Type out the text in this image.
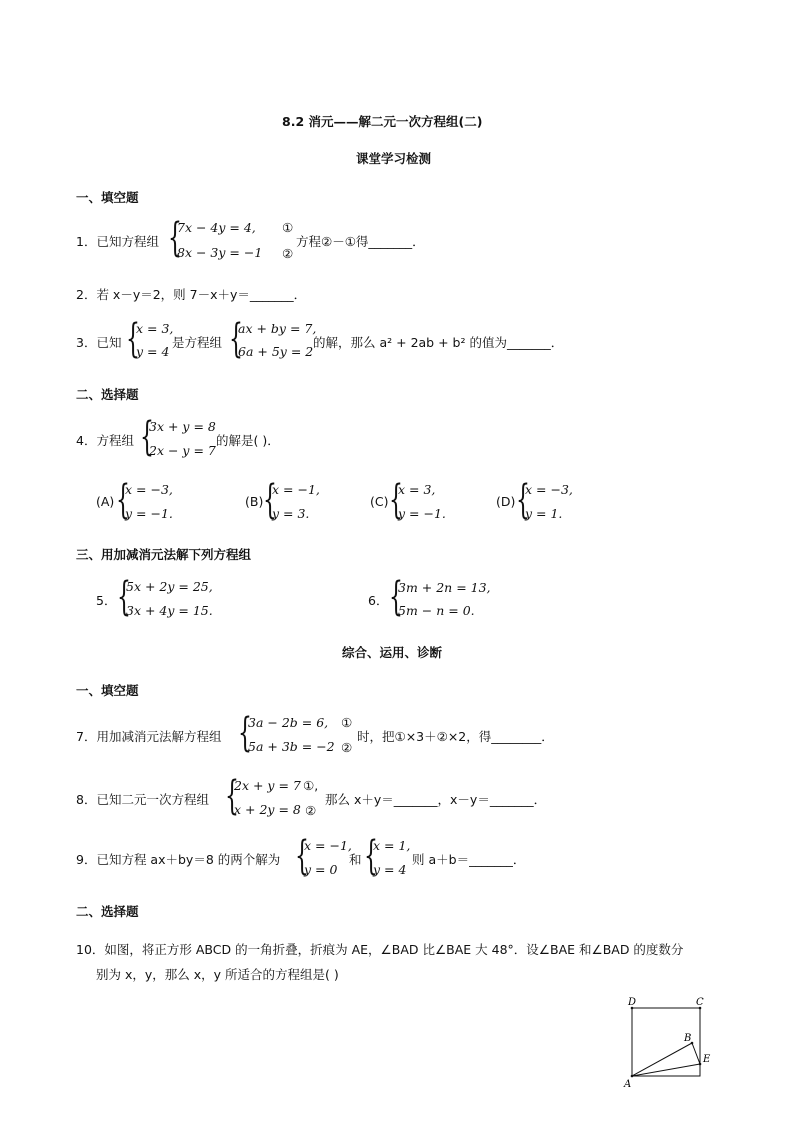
8.2 消元——解二元一次方程组(二)
课堂学习检测
一、填空题
1．已知方程组 {
7x − 4y = 4, ①
8x − 3y = −1 ②
方程②－①得_______．
2．若 x－y＝2，则 7－x＋y＝_______．
3．已知 {
x = 3,
y = 4
是方程组 {
ax + by = 7,
6a + 5y = 2
的解，那么 a² + 2ab + b² 的值为_______．
二、选择题
4．方程组 {
3x + y = 8
2x − y = 7
的解是( )．
(A) {
x = −3,
y = −1.
(B) {
x = −1,
y = 3.
(C) {
x = 3,
y = −1.
(D) {
x = −3,
y = 1.
三、用加减消元法解下列方程组
5． {
5x + 2y = 25,
3x + 4y = 15.
6． {
3m + 2n = 13,
5m − n = 0.
综合、运用、诊断
一、填空题
7．用加减消元法解方程组 {
3a − 2b = 6, ①
5a + 3b = −2 ②
时，把①×3＋②×2，得________．
8．已知二元一次方程组 {
2x + y = 7 ①,
x + 2y = 8 ②
那么 x＋y＝_______，x－y＝_______．
9．已知方程 ax＋by＝8 的两个解为 {
x = −1,
y = 0
和 {
x = 1,
y = 4
则 a＋b＝_______．
二、选择题
10．如图，将正方形 ABCD 的一角折叠，折痕为 AE，∠BAD 比∠BAE 大 48°．设∠BAE 和∠BAD 的度数分
别为 x，y，那么 x，y 所适合的方程组是( )
D	C
B
E
A
